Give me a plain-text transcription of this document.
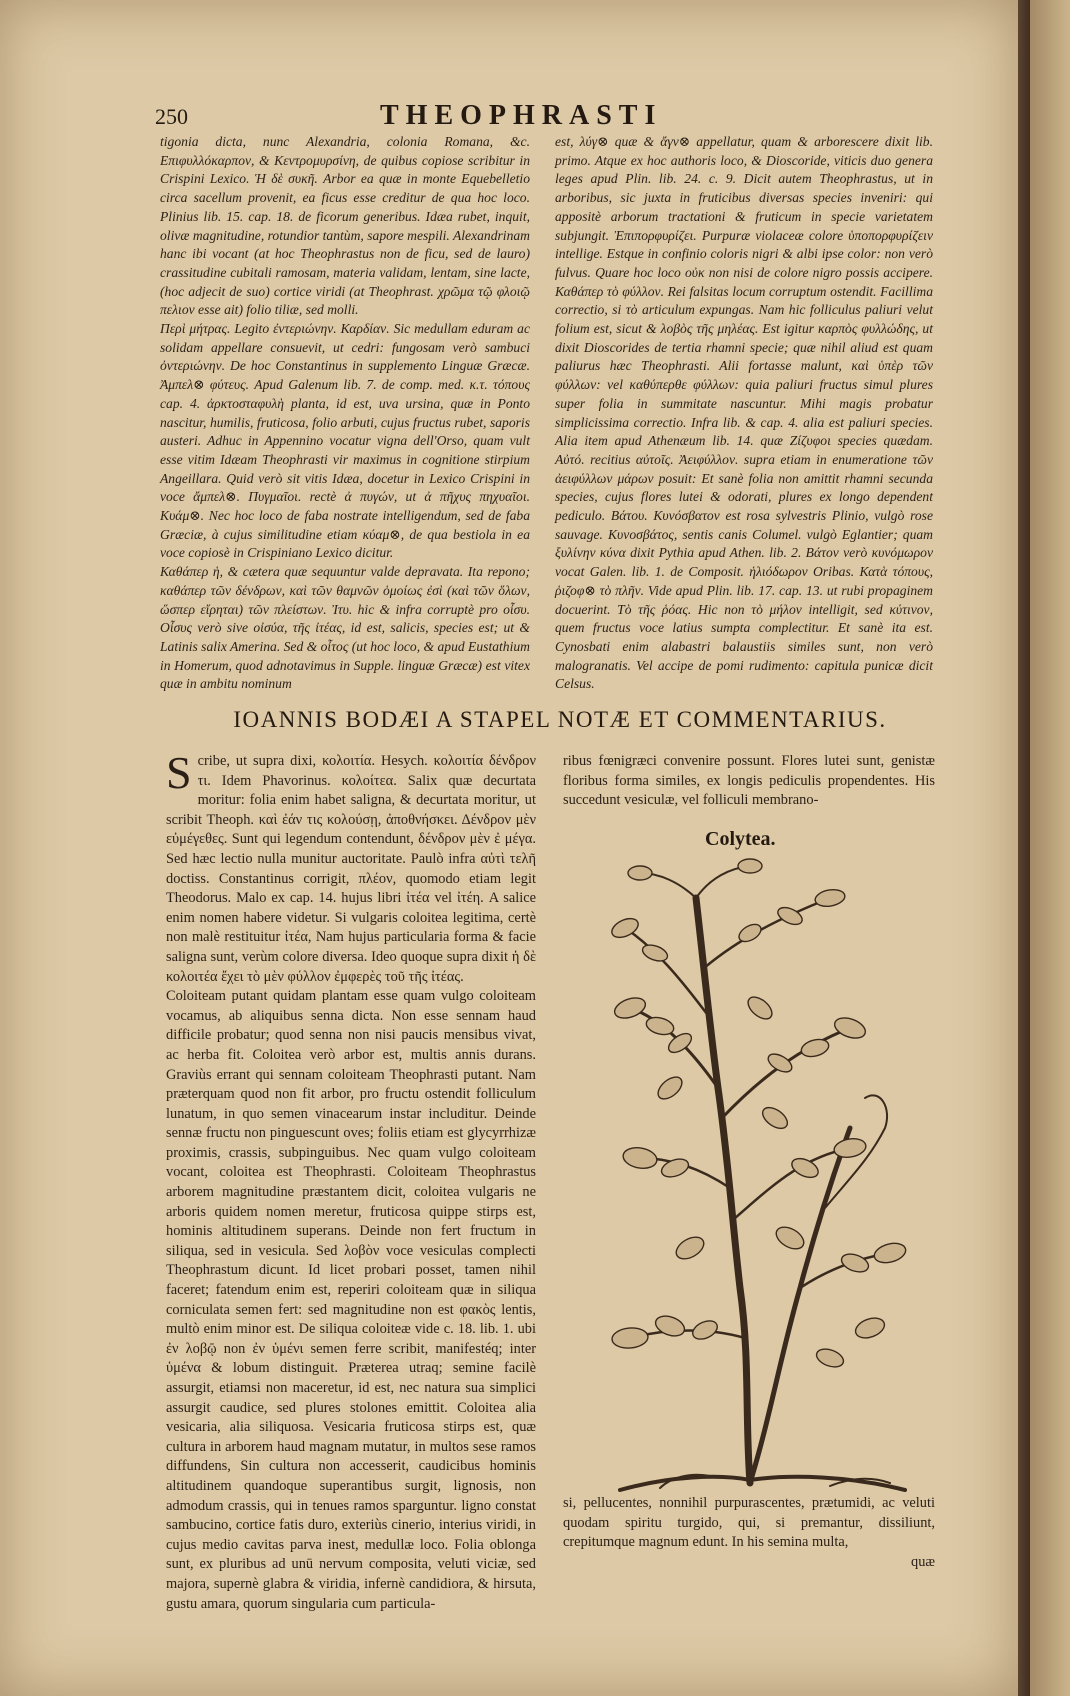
250	THEOPHRASTI

tigonia dicta, nunc Alexandria, colonia Romana, &c. Επιφυλλόκαρπον, & Κεντρομυρσίνη, de quibus copiose scribitur in Crispini Lexico. Ἡ δὲ συκῆ. Arbor ea quæ in monte Equebelletio circa sacellum provenit, ea ficus esse creditur de qua hoc loco. Plinius lib. 15. cap. 18. de ficorum generibus. Idæa rubet, inquit, olivæ magnitudine, rotundior tantùm, sapore mespili. Alexandrinam hanc ibi vocant (at hoc Theophrastus non de ficu, sed de lauro) crassitudine cubitali ramosam, materia validam, lentam, sine lacte, (hoc adjecit de suo) cortice viridi (at Theophrast. χρῶμα τῷ φλοιῷ πελιον esse ait) folio tiliæ, sed molli.

Περὶ μήτρας. Legito ἐντεριώνην. Καρδίαν. Sic medullam eduram ac solidam appellare consuevit, ut cedri: fungosam verò sambuci ὀντεριώνην. De hoc Constantinus in supplemento Linguæ Græcæ. Ἀμπελ⊗ φύτευς. Apud Galenum lib. 7. de comp. med. κ.τ. τόπους cap. 4. ἀρκτοσταφυλὴ planta, id est, uva ursina, quæ in Ponto nascitur, humilis, fruticosa, folio arbuti, cujus fructus rubet, saporis austeri. Adhuc in Appennino vocatur vigna dell'Orso, quam vult esse vitim Idæam Theophrasti vir maximus in cognitione stirpium Angeillara. Quid verò sit vitis Idæa, docetur in Lexico Crispini in voce ἄμπελ⊗. Πυγμαῖοι. rectè ἀ πυγών, ut ἀ πῆχυς πηχυαῖοι. Κυάμ⊗. Nec hoc loco de faba nostrate intelligendum, sed de faba Græciæ, à cujus similitudine etiam κύαμ⊗, de qua bestiola in ea voce copiosè in Crispiniano Lexico dicitur.

Καθάπερ ἡ, & cætera quæ sequuntur valde depravata. Ita repono; καθάπερ τῶν δένδρων, καὶ τῶν θαμνῶν ὁμοίως ἐσὶ (καὶ τῶν ὅλων, ὥσπερ εἴρηται) τῶν πλείστων. Ἰτυ. hic & infra corruptè pro οἶσυ. Οἶσυς verò sive οἰσύα, τῆς ἰτέας, id est, salicis, species est; ut & Latinis salix Amerina. Sed & οἶτος (ut hoc loco, & apud Eustathium in Homerum, quod adnotavimus in Supple. linguæ Græcæ) est vitex quæ in ambitu nominum

est, λύγ⊗ quæ & ἄγν⊗ appellatur, quam & arborescere dixit lib. primo. Atque ex hoc authoris loco, & Dioscoride, viticis duo genera leges apud Plin. lib. 24. c. 9. Dicit autem Theophrastus, ut in arboribus, sic juxta in fruticibus diversas species inveniri: qui appositè arborum tractationi & fruticum in specie varietatem subjungit. Ἐπιπορφυρίζει. Purpuræ violaceæ colore ὑποπορφυρίζειν intellige. Estque in confinio coloris nigri & albi ipse color: non verò fulvus. Quare hoc loco οὐκ non nisi de colore nigro possis accipere. Καθάπερ τὸ φύλλον. Rei falsitas locum corruptum ostendit. Facillima correctio, si τὸ articulum expungas. Nam hic folliculus paliuri velut folium est, sicut & λοβὸς τῆς μηλέας. Est igitur καρπὸς φυλλώδης, ut dixit Dioscorides de tertia rhamni specie; quæ nihil aliud est quam paliurus hæc Theophrasti. Alii fortasse malunt, καὶ ὑπὲρ τῶν φύλλων: vel καθύπερθε φύλλων: quia paliuri fructus simul plures super folia in summitate nascuntur. Mihi magis probatur simplicissima correctio. Infra lib. & cap. 4. alia est paliuri species. Alia item apud Athenæum lib. 14. quæ Ζίζυφοι species quædam. Αὐτό. recitius αὐτοῖς. Ἀειφύλλον. supra etiam in enumeratione τῶν ἀειφύλλων μάρων posuit: Et sanè folia non amittit rhamni secunda species, cujus flores lutei & odorati, plures ex longo dependent pediculo. Βάτου. Κυνόσβατον est rosa sylvestris Plinio, vulgò rose sauvage. Κυνοσβάτος, sentis canis Columel. vulgò Eglantier; quam ξυλίνην κύνα dixit Pythia apud Athen. lib. 2. Βάτον verò κυνόμωρον vocat Galen. lib. 1. de Composit. ἡλιόδωρον Oribas. Κατὰ τόπους, ῥιζοφ⊗ τὸ πλῆν. Vide apud Plin. lib. 17. cap. 13. ut rubi propaginem docuerint. Τὸ τῆς ῥόας. Hic non τὸ μήλον intelligit, sed κύτινον, quem fructus voce latius sumpta complectitur. Et sanè ita est. Cynosbati enim alabastri balaustiis similes sunt, non verò malogranatis. Vel accipe de pomi rudimento: capitula punicæ dicit Celsus.

IOANNIS BODÆI A STAPEL NOTÆ ET COMMENTARIUS.

Scribe, ut supra dixi, κολοιτία. Hesych. κολοιτία δένδρον τι. Idem Phavorinus. κολοίτεα. Salix quæ decurtata moritur: folia enim habet saligna, & decurtata moritur, ut scribit Theoph. καὶ ἐάν τις κολούσῃ, ἀποθνήσκει. Δένδρον μὲν εὐμέγεθες. Sunt qui legendum contendunt, δένδρον μὲν ἐ μέγα. Sed hæc lectio nulla munitur auctoritate. Paulò infra αὐτὶ τελῆ doctiss. Constantinus corrigit, πλέον, quomodo etiam legit Theodorus. Malo ex cap. 14. hujus libri ἰτέα vel ἰτέη. A salice enim nomen habere videtur. Si vulgaris coloitea legitima, certè non malè restituitur ἰτέα, Nam hujus particularia forma & facie saligna sunt, verùm colore diversa. Ideo quoque supra dixit ἡ δὲ κολοιτέα ἔχει τὸ μὲν φύλλον ἐμφερὲς τοῦ τῆς ἰτέας.

Coloiteam putant quidam plantam esse quam vulgo coloiteam vocamus, ab aliquibus senna dicta. Non esse sennam haud difficile probatur; quod senna non nisi paucis mensibus vivat, ac herba fit. Coloitea verò arbor est, multis annis durans. Graviùs errant qui sennam coloiteam Theophrasti putant. Nam præterquam quod non fit arbor, pro fructu ostendit folliculum lunatum, in quo semen vinacearum instar includitur. Deinde sennæ fructu non pinguescunt oves; foliis etiam est glycyrrhizæ proximis, crassis, subpinguibus. Nec quam vulgo coloiteam vocant, coloitea est Theophrasti. Coloiteam Theophrastus arborem magnitudine præstantem dicit, coloitea vulgaris ne arboris quidem nomen meretur, fruticosa quippe stirps est, hominis altitudinem superans. Deinde non fert fructum in siliqua, sed in vesicula. Sed λοβὸν voce vesiculas complecti Theophrastum dicunt. Id licet probari posset, tamen nihil faceret; fatendum enim est, reperiri coloiteam quæ in siliqua corniculata semen fert: sed magnitudine non est φακὸς lentis, multò enim minor est. De siliqua coloiteæ vide c. 18. lib. 1. ubi ἐν λοβῷ non ἐν ὑμένι semen ferre scribit, manifestéq; inter ὑμένα & lobum distinguit. Præterea utraq; semine facilè assurgit, etiamsi non maceretur, id est, nec natura sua simplici assurgit caudice, sed plures stolones emittit. Coloitea alia vesicaria, alia siliquosa. Vesicaria fruticosa stirps est, quæ cultura in arborem haud magnam mutatur, in multos sese ramos diffundens, Sin cultura non accesserit, caudicibus hominis altitudinem quandoque superantibus surgit, lignosis, non admodum crassis, qui in tenues ramos sparguntur. ligno constat sambucino, cortice fatis duro, exteriùs cinerio, interius viridi, in cujus medio cavitas parva inest, medullæ loco. Folia oblonga sunt, ex pluribus ad unū nervum composita, veluti viciæ, sed majora, supernè glabra & viridia, infernè candidiora, & hirsuta, gustu amara, quorum singularia cum particula-

ribus fœnigræci convenire possunt. Flores lutei sunt, genistæ floribus forma similes, ex longis pediculis propendentes. His succedunt vesiculæ, vel folliculi membrano-

Colytea.

si, pellucentes, nonnihil purpurascentes, prætumidi, ac veluti quodam spiritu turgido, qui, si premantur, dissiliunt, crepitumque magnum edunt. In his semina multa,

quæ
